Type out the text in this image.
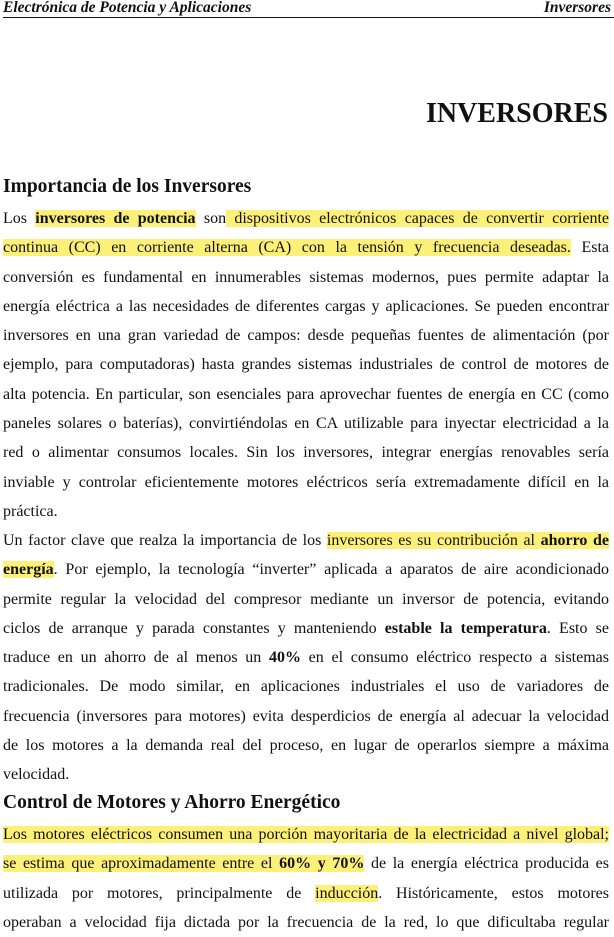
Electrónica de Potencia y Aplicaciones	Inversores
INVERSORES
Importancia de los Inversores
Los inversores de potencia son dispositivos electrónicos capaces de convertir corriente
continua (CC) en corriente alterna (CA) con la tensión y frecuencia deseadas. Esta
conversión es fundamental en innumerables sistemas modernos, pues permite adaptar la
energía eléctrica a las necesidades de diferentes cargas y aplicaciones. Se pueden encontrar
inversores en una gran variedad de campos: desde pequeñas fuentes de alimentación (por
ejemplo, para computadoras) hasta grandes sistemas industriales de control de motores de
alta potencia. En particular, son esenciales para aprovechar fuentes de energía en CC (como
paneles solares o baterías), convirtiéndolas en CA utilizable para inyectar electricidad a la
red o alimentar consumos locales. Sin los inversores, integrar energías renovables sería
inviable y controlar eficientemente motores eléctricos sería extremadamente difícil en la
práctica.
Un factor clave que realza la importancia de los inversores es su contribución al ahorro de
energía. Por ejemplo, la tecnología “inverter” aplicada a aparatos de aire acondicionado
permite regular la velocidad del compresor mediante un inversor de potencia, evitando
ciclos de arranque y parada constantes y manteniendo estable la temperatura. Esto se
traduce en un ahorro de al menos un 40% en el consumo eléctrico respecto a sistemas
tradicionales. De modo similar, en aplicaciones industriales el uso de variadores de
frecuencia (inversores para motores) evita desperdicios de energía al adecuar la velocidad
de los motores a la demanda real del proceso, en lugar de operarlos siempre a máxima
velocidad.
Control de Motores y Ahorro Energético
Los motores eléctricos consumen una porción mayoritaria de la electricidad a nivel global;
se estima que aproximadamente entre el 60% y 70% de la energía eléctrica producida es
utilizada por motores, principalmente de inducción. Históricamente, estos motores
operaban a velocidad fija dictada por la frecuencia de la red, lo que dificultaba regular
